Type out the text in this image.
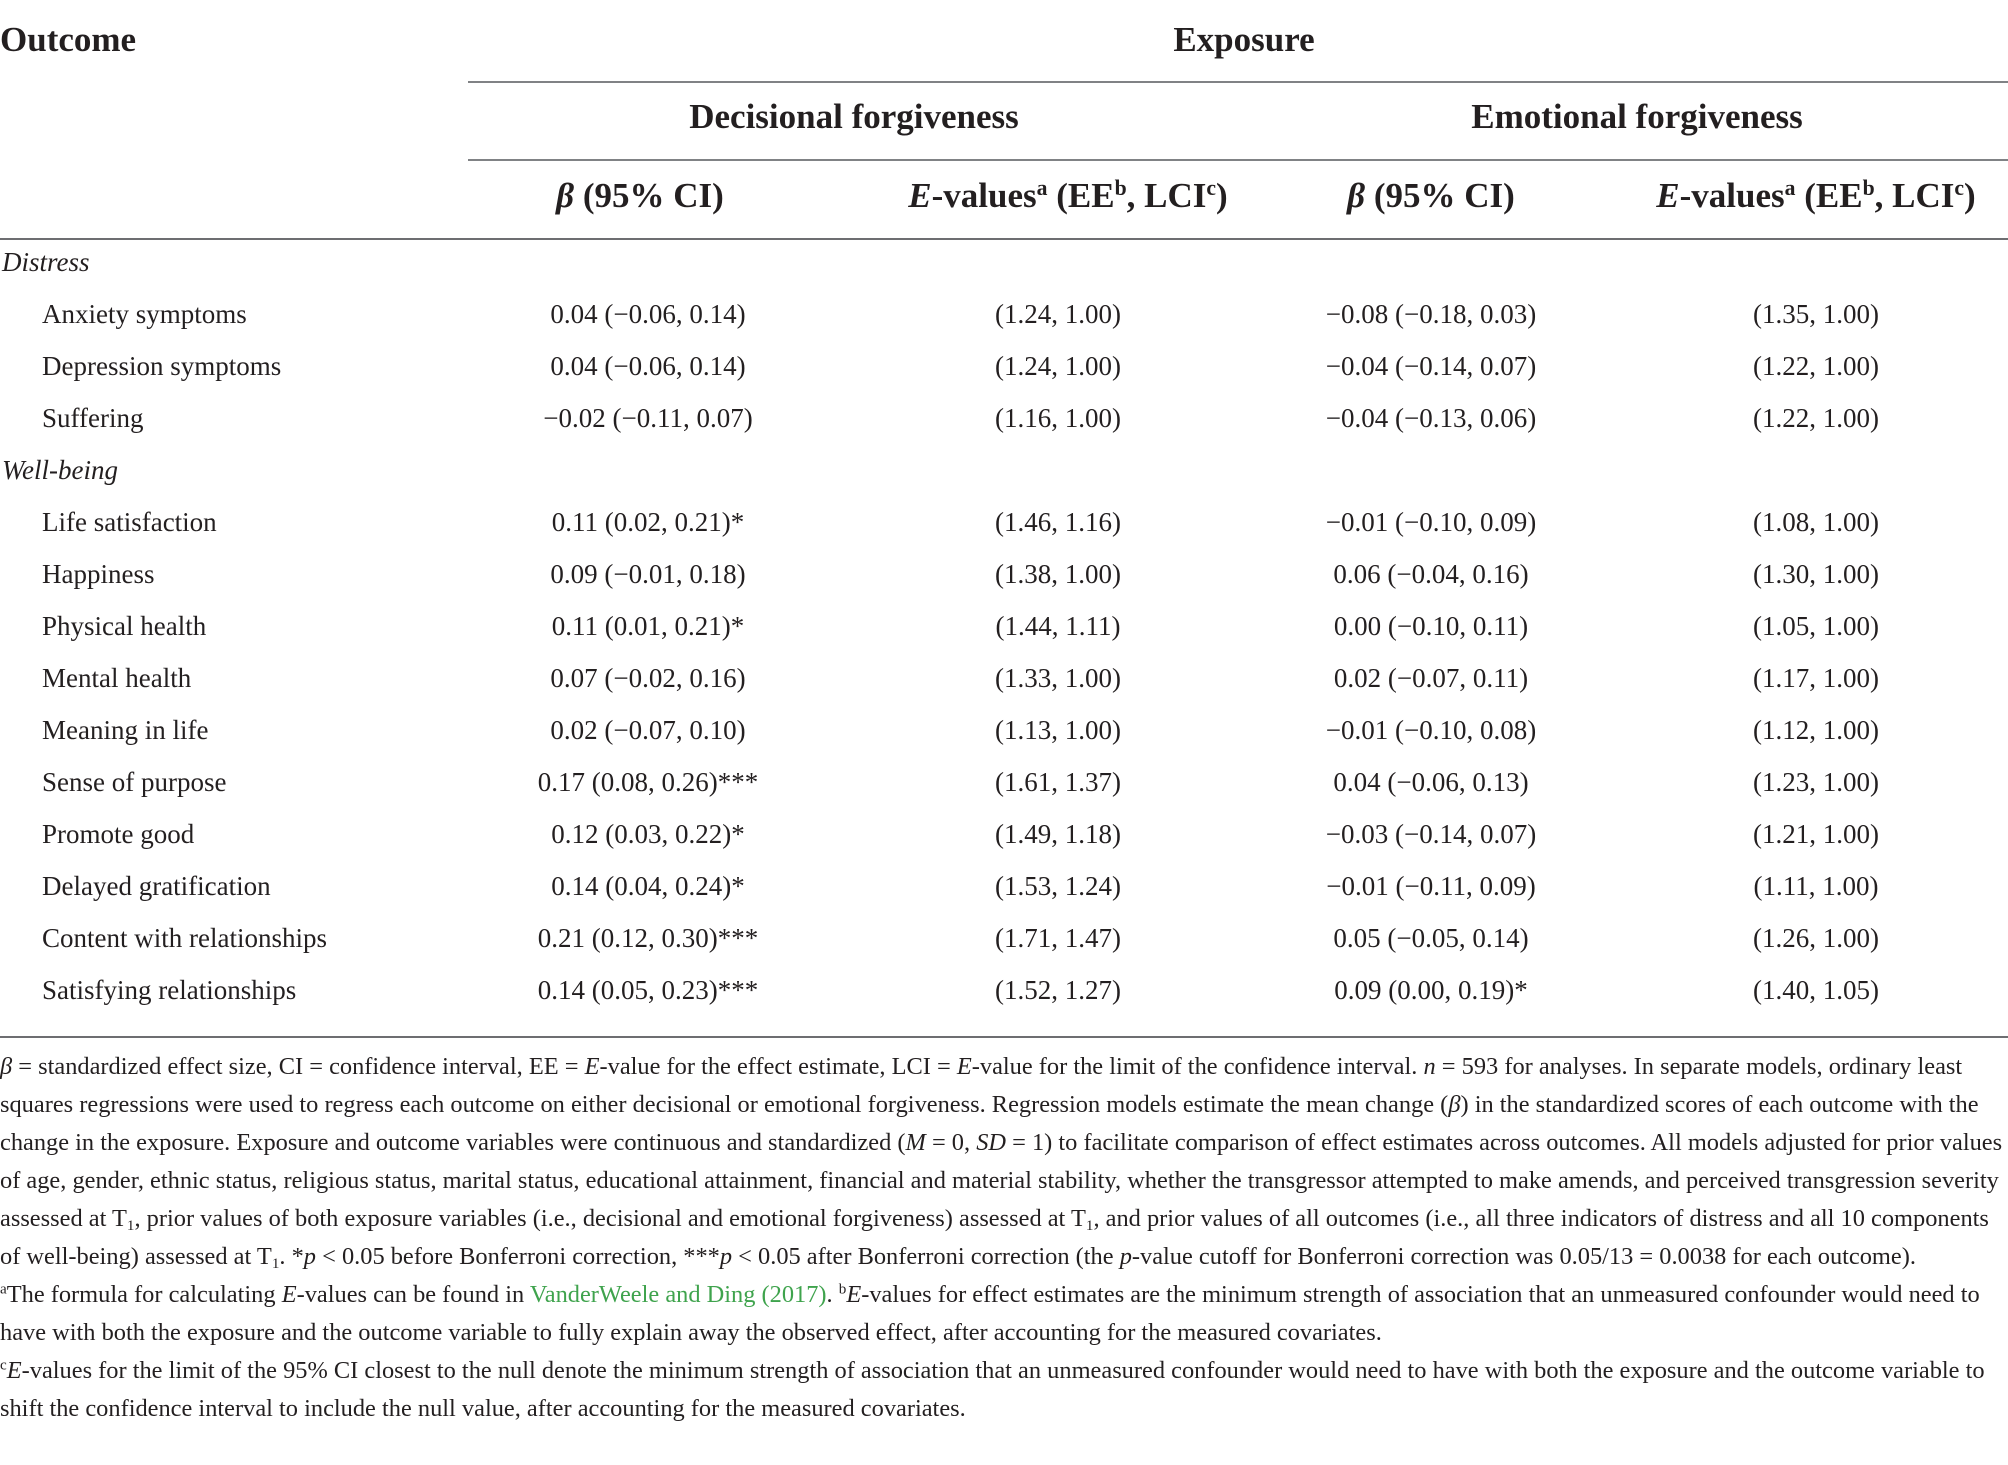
Outcome	Exposure
Decisional forgiveness	Emotional forgiveness
β (95% CI)	E-values$^a$ ($EE^b$, LCI$^c$)	β (95% CI)	E-values$^a$ ($EE^b$, LCI$^c$)
Distress
Anxiety symptoms	0.04 (−0.06, 0.14)	(1.24, 1.00)	−0.08 (−0.18, 0.03)	(1.35, 1.00)
Depression symptoms	0.04 (−0.06, 0.14)	(1.24, 1.00)	−0.04 (−0.14, 0.07)	(1.22, 1.00)
Suffering	−0.02 (−0.11, 0.07)	(1.16, 1.00)	−0.04 (−0.13, 0.06)	(1.22, 1.00)
Well-being
Life satisfaction	0.11 (0.02, 0.21)*	(1.46, 1.16)	−0.01 (−0.10, 0.09)	(1.08, 1.00)
Happiness	0.09 (−0.01, 0.18)	(1.38, 1.00)	0.06 (−0.04, 0.16)	(1.30, 1.00)
Physical health	0.11 (0.01, 0.21)*	(1.44, 1.11)	0.00 (−0.10, 0.11)	(1.05, 1.00)
Mental health	0.07 (−0.02, 0.16)	(1.33, 1.00)	0.02 (−0.07, 0.11)	(1.17, 1.00)
Meaning in life	0.02 (−0.07, 0.10)	(1.13, 1.00)	−0.01 (−0.10, 0.08)	(1.12, 1.00)
Sense of purpose	0.17 (0.08, 0.26)***	(1.61, 1.37)	0.04 (−0.06, 0.13)	(1.23, 1.00)
Promote good	0.12 (0.03, 0.22)*	(1.49, 1.18)	−0.03 (−0.14, 0.07)	(1.21, 1.00)
Delayed gratification	0.14 (0.04, 0.24)*	(1.53, 1.24)	−0.01 (−0.11, 0.09)	(1.11, 1.00)
Content with relationships	0.21 (0.12, 0.30)***	(1.71, 1.47)	0.05 (−0.05, 0.14)	(1.26, 1.00)
Satisfying relationships	0.14 (0.05, 0.23)***	(1.52, 1.27)	0.09 (0.00, 0.19)*	(1.40, 1.05)

β = standardized effect size, CI = confidence interval, EE = E-value for the effect estimate, LCI = E-value for the limit of the confidence interval. n = 593 for analyses. In separate models, ordinary least squares regressions were used to regress each outcome on either decisional or emotional forgiveness. Regression models estimate the mean change (β) in the standardized scores of each outcome with the change in the exposure. Exposure and outcome variables were continuous and standardized (M = 0, SD = 1) to facilitate comparison of effect estimates across outcomes. All models adjusted for prior values of age, gender, ethnic status, religious status, marital status, educational attainment, financial and material stability, whether the transgressor attempted to make amends, and perceived transgression severity assessed at $T_1$, prior values of both exposure variables (i.e., decisional and emotional forgiveness) assessed at $T_1$, and prior values of all outcomes (i.e., all three indicators of distress and all 10 components of well-being) assessed at $T_1$. *p < 0.05 before Bonferroni correction, ***p < 0.05 after Bonferroni correction (the p-value cutoff for Bonferroni correction was 0.05/13 = 0.0038 for each outcome).

$^a$The formula for calculating E-values can be found in VanderWeele and Ding (2017). $^b$E-values for effect estimates are the minimum strength of association that an unmeasured confounder would need to have with both the exposure and the outcome variable to fully explain away the observed effect, after accounting for the measured covariates.

$^c$E-values for the limit of the 95% CI closest to the null denote the minimum strength of association that an unmeasured confounder would need to have with both the exposure and the outcome variable to shift the confidence interval to include the null value, after accounting for the measured covariates.
